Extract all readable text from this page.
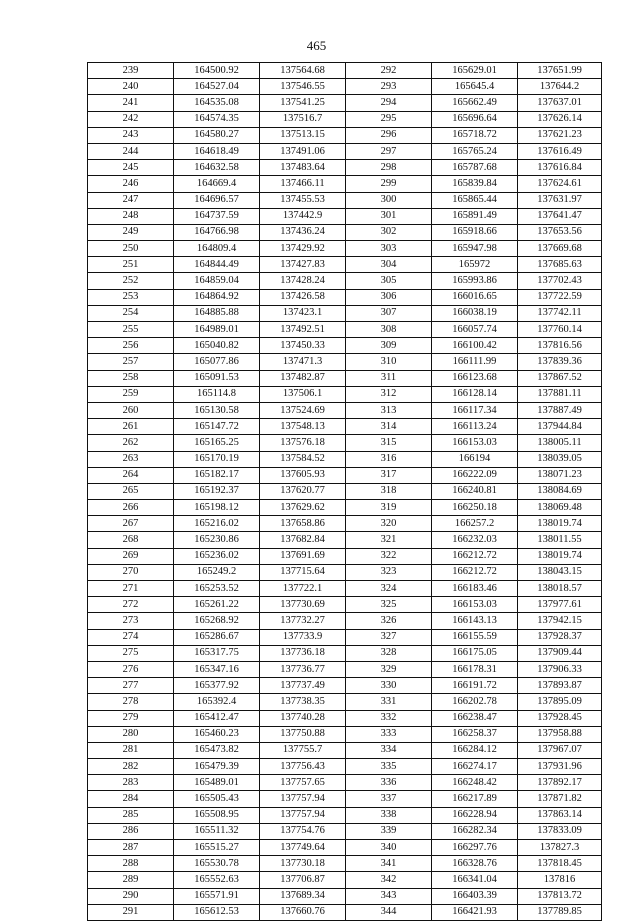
465
239	164500.92	137564.68	292	165629.01	137651.99
240	164527.04	137546.55	293	165645.4	137644.2
241	164535.08	137541.25	294	165662.49	137637.01
242	164574.35	137516.7	295	165696.64	137626.14
243	164580.27	137513.15	296	165718.72	137621.23
244	164618.49	137491.06	297	165765.24	137616.49
245	164632.58	137483.64	298	165787.68	137616.84
246	164669.4	137466.11	299	165839.84	137624.61
247	164696.57	137455.53	300	165865.44	137631.97
248	164737.59	137442.9	301	165891.49	137641.47
249	164766.98	137436.24	302	165918.66	137653.56
250	164809.4	137429.92	303	165947.98	137669.68
251	164844.49	137427.83	304	165972	137685.63
252	164859.04	137428.24	305	165993.86	137702.43
253	164864.92	137426.58	306	166016.65	137722.59
254	164885.88	137423.1	307	166038.19	137742.11
255	164989.01	137492.51	308	166057.74	137760.14
256	165040.82	137450.33	309	166100.42	137816.56
257	165077.86	137471.3	310	166111.99	137839.36
258	165091.53	137482.87	311	166123.68	137867.52
259	165114.8	137506.1	312	166128.14	137881.11
260	165130.58	137524.69	313	166117.34	137887.49
261	165147.72	137548.13	314	166113.24	137944.84
262	165165.25	137576.18	315	166153.03	138005.11
263	165170.19	137584.52	316	166194	138039.05
264	165182.17	137605.93	317	166222.09	138071.23
265	165192.37	137620.77	318	166240.81	138084.69
266	165198.12	137629.62	319	166250.18	138069.48
267	165216.02	137658.86	320	166257.2	138019.74
268	165230.86	137682.84	321	166232.03	138011.55
269	165236.02	137691.69	322	166212.72	138019.74
270	165249.2	137715.64	323	166212.72	138043.15
271	165253.52	137722.1	324	166183.46	138018.57
272	165261.22	137730.69	325	166153.03	137977.61
273	165268.92	137732.27	326	166143.13	137942.15
274	165286.67	137733.9	327	166155.59	137928.37
275	165317.75	137736.18	328	166175.05	137909.44
276	165347.16	137736.77	329	166178.31	137906.33
277	165377.92	137737.49	330	166191.72	137893.87
278	165392.4	137738.35	331	166202.78	137895.09
279	165412.47	137740.28	332	166238.47	137928.45
280	165460.23	137750.88	333	166258.37	137958.88
281	165473.82	137755.7	334	166284.12	137967.07
282	165479.39	137756.43	335	166274.17	137931.96
283	165489.01	137757.65	336	166248.42	137892.17
284	165505.43	137757.94	337	166217.89	137871.82
285	165508.95	137757.94	338	166228.94	137863.14
286	165511.32	137754.76	339	166282.34	137833.09
287	165515.27	137749.64	340	166297.76	137827.3
288	165530.78	137730.18	341	166328.76	137818.45
289	165552.63	137706.87	342	166341.04	137816
290	165571.91	137689.34	343	166403.39	137813.72
291	165612.53	137660.76	344	166421.93	137789.85
